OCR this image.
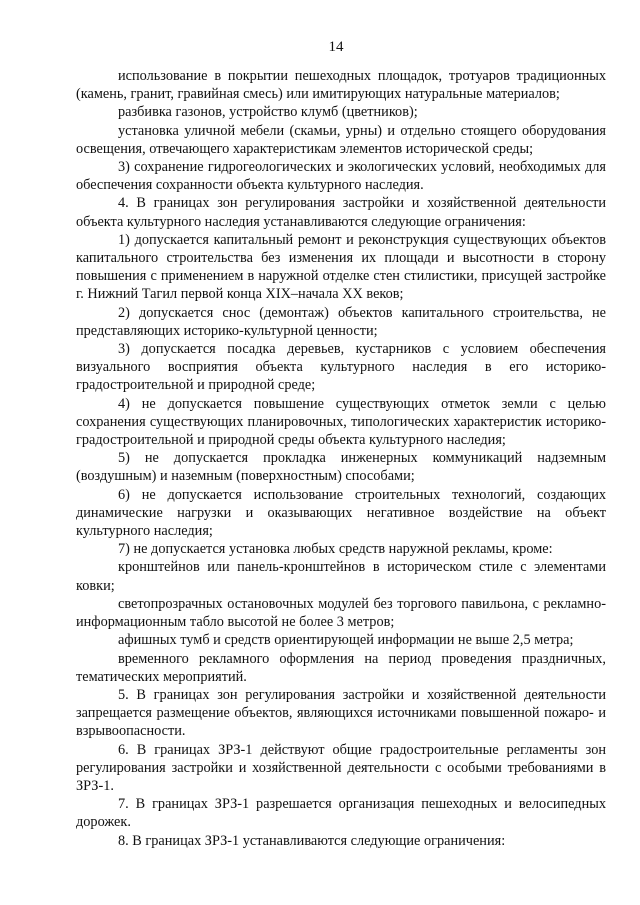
14

использование в покрытии пешеходных площадок, тротуаров традиционных (камень, гранит, гравийная смесь) или имитирующих натуральные материалов;

разбивка газонов, устройство клумб (цветников);

установка уличной мебели (скамьи, урны) и отдельно стоящего оборудования освещения, отвечающего характеристикам элементов исторической среды;

3) сохранение гидрогеологических и экологических условий, необходимых для обеспечения сохранности объекта культурного наследия.

4. В границах зон регулирования застройки и хозяйственной деятельности объекта культурного наследия устанавливаются следующие ограничения:

1) допускается капитальный ремонт и реконструкция существующих объектов капитального строительства без изменения их площади и высотности в сторону повышения с применением в наружной отделке стен стилистики, присущей застройке г. Нижний Тагил первой конца XIX–начала XX веков;

2) допускается снос (демонтаж) объектов капитального строительства, не представляющих историко-культурной ценности;

3) допускается посадка деревьев, кустарников с условием обеспечения визуального восприятия объекта культурного наследия в его историко-градостроительной и природной среде;

4) не допускается повышение существующих отметок земли с целью сохранения существующих планировочных, типологических характеристик историко-градостроительной и природной среды объекта культурного наследия;

5) не допускается прокладка инженерных коммуникаций надземным (воздушным) и наземным (поверхностным) способами;

6) не допускается использование строительных технологий, создающих динамические нагрузки и оказывающих негативное воздействие на объект культурного наследия;

7) не допускается установка любых средств наружной рекламы, кроме:

кронштейнов или панель-кронштейнов в историческом стиле с элементами ковки;

светопрозрачных остановочных модулей без торгового павильона, с рекламно-информационным табло высотой не более 3 метров;

афишных тумб и средств ориентирующей информации не выше 2,5 метра;

временного рекламного оформления на период проведения праздничных, тематических мероприятий.

5. В границах зон регулирования застройки и хозяйственной деятельности запрещается размещение объектов, являющихся источниками повышенной пожаро- и взрывоопасности.

6. В границах ЗРЗ-1 действуют общие градостроительные регламенты зон регулирования застройки и хозяйственной деятельности с особыми требованиями в ЗРЗ-1.

7. В границах ЗРЗ-1 разрешается организация пешеходных и велосипедных дорожек.

8. В границах ЗРЗ-1 устанавливаются следующие ограничения:
